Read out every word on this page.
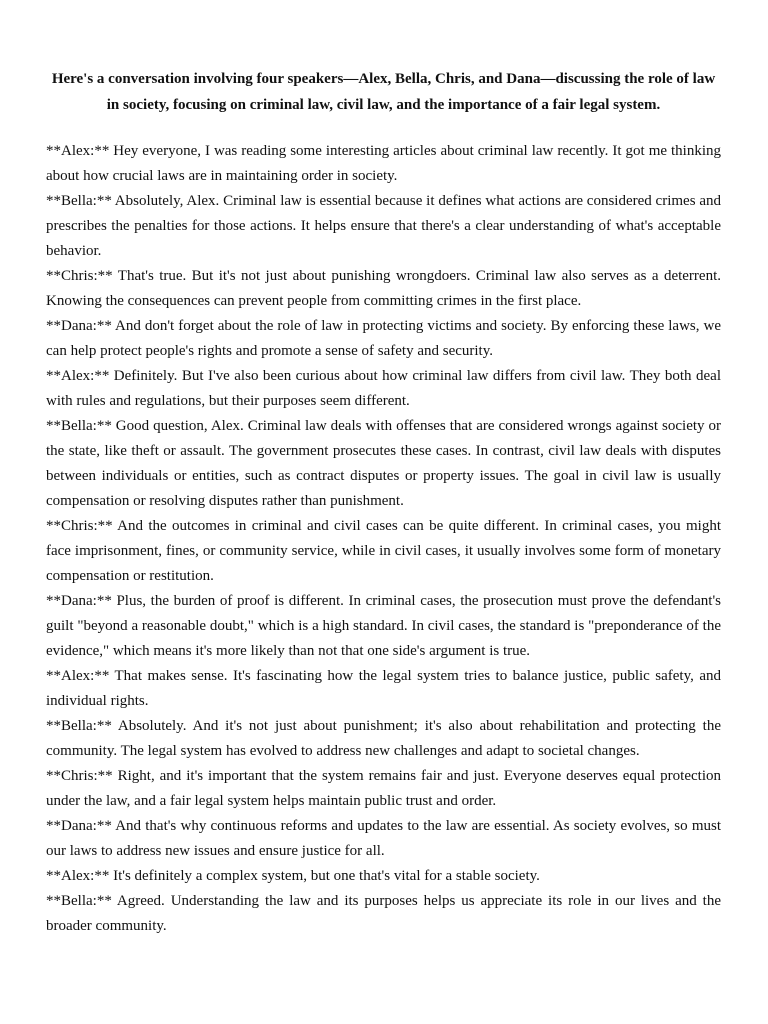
Here's a conversation involving four speakers—Alex, Bella, Chris, and Dana—discussing the role of law in society, focusing on criminal law, civil law, and the importance of a fair legal system.

**Alex:** Hey everyone, I was reading some interesting articles about criminal law recently. It got me thinking about how crucial laws are in maintaining order in society.

**Bella:** Absolutely, Alex. Criminal law is essential because it defines what actions are considered crimes and prescribes the penalties for those actions. It helps ensure that there's a clear understanding of what's acceptable behavior.

**Chris:** That's true. But it's not just about punishing wrongdoers. Criminal law also serves as a deterrent. Knowing the consequences can prevent people from committing crimes in the first place.

**Dana:** And don't forget about the role of law in protecting victims and society. By enforcing these laws, we can help protect people's rights and promote a sense of safety and security.

**Alex:** Definitely. But I've also been curious about how criminal law differs from civil law. They both deal with rules and regulations, but their purposes seem different.

**Bella:** Good question, Alex. Criminal law deals with offenses that are considered wrongs against society or the state, like theft or assault. The government prosecutes these cases. In contrast, civil law deals with disputes between individuals or entities, such as contract disputes or property issues. The goal in civil law is usually compensation or resolving disputes rather than punishment.

**Chris:** And the outcomes in criminal and civil cases can be quite different. In criminal cases, you might face imprisonment, fines, or community service, while in civil cases, it usually involves some form of monetary compensation or restitution.

**Dana:** Plus, the burden of proof is different. In criminal cases, the prosecution must prove the defendant's guilt "beyond a reasonable doubt," which is a high standard. In civil cases, the standard is "preponderance of the evidence," which means it's more likely than not that one side's argument is true.

**Alex:** That makes sense. It's fascinating how the legal system tries to balance justice, public safety, and individual rights.

**Bella:** Absolutely. And it's not just about punishment; it's also about rehabilitation and protecting the community. The legal system has evolved to address new challenges and adapt to societal changes.

**Chris:** Right, and it's important that the system remains fair and just. Everyone deserves equal protection under the law, and a fair legal system helps maintain public trust and order.

**Dana:** And that's why continuous reforms and updates to the law are essential. As society evolves, so must our laws to address new issues and ensure justice for all.

**Alex:** It's definitely a complex system, but one that's vital for a stable society.

**Bella:** Agreed. Understanding the law and its purposes helps us appreciate its role in our lives and the broader community.
